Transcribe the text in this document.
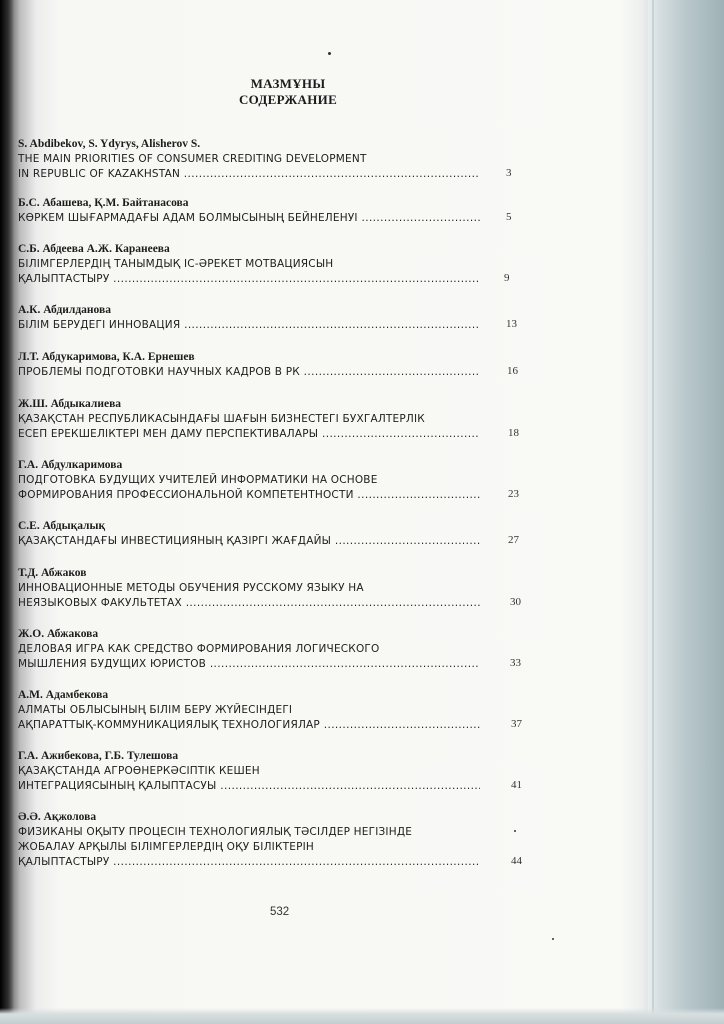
МАЗМҰНЫ
СОДЕРЖАНИЕ
S. Abdibekov, S. Ydyrys, Alisherov S.
THE MAIN PRIORITIES OF CONSUMER CREDITING DEVELOPMENT
IN REPUBLIC OF KAZAKHSTAN .....	3
Б.С. Абашева, Қ.М. Байтанасова
КӨРКЕМ ШЫҒАРМАДАҒЫ АДАМ БОЛМЫСЫНЫҢ БЕЙНЕЛЕНУІ .....	5
С.Б. Абдеева А.Ж. Каранеева
БІЛІМГЕРЛЕРДІҢ ТАНЫМДЫҚ ІС-ӘРЕКЕТ МОТВАЦИЯСЫН
ҚАЛЫПТАСТЫРУ .....	9
А.К. Абдилданова
БІЛІМ БЕРУДЕГІ ИННОВАЦИЯ .....	13
Л.Т. Абдукаримова, К.А. Ернешев
ПРОБЛЕМЫ ПОДГОТОВКИ НАУЧНЫХ КАДРОВ В РК .....	16
Ж.Ш. Абдыкалиева
ҚАЗАҚСТАН РЕСПУБЛИКАСЫНДАҒЫ ШАҒЫН БИЗНЕСТЕГІ БУХГАЛТЕРЛІК
ЕСЕП ЕРЕКШЕЛІКТЕРІ МЕН ДАМУ ПЕРСПЕКТИВАЛАРЫ .....	18
Г.А. Абдулкаримова
ПОДГОТОВКА БУДУЩИХ УЧИТЕЛЕЙ ИНФОРМАТИКИ НА ОСНОВЕ
ФОРМИРОВАНИЯ ПРОФЕССИОНАЛЬНОЙ КОМПЕТЕНТНОСТИ .....	23
С.Е. Абдықалық
ҚАЗАҚСТАНДАҒЫ ИНВЕСТИЦИЯНЫҢ ҚАЗІРГІ ЖАҒДАЙЫ .....	27
Т.Д. Абжаков
ИННОВАЦИОННЫЕ МЕТОДЫ ОБУЧЕНИЯ РУССКОМУ ЯЗЫКУ НА
НЕЯЗЫКОВЫХ ФАКУЛЬТЕТАХ .....	30
Ж.О. Абжакова
ДЕЛОВАЯ ИГРА КАК СРЕДСТВО ФОРМИРОВАНИЯ ЛОГИЧЕСКОГО
МЫШЛЕНИЯ БУДУЩИХ ЮРИСТОВ .....	33
А.М. Адамбекова
АЛМАТЫ ОБЛЫСЫНЫҢ БІЛІМ БЕРУ ЖҮЙЕСІНДЕГІ
АҚПАРАТТЫҚ-КОММУНИКАЦИЯЛЫҚ ТЕХНОЛОГИЯЛАР .....	37
Г.А. Ажибекова, Г.Б. Тулешова
ҚАЗАҚСТАНДА АГРОӨНЕРКӘСІПТІК КЕШЕН
ИНТЕГРАЦИЯСЫНЫҢ ҚАЛЫПТАСУЫ .....	41
Ә.Ә. Ақжолова
ФИЗИКАНЫ ОҚЫТУ ПРОЦЕСІН ТЕХНОЛОГИЯЛЫҚ ТӘСІЛДЕР НЕГІЗІНДЕ
ЖОБАЛАУ АРҚЫЛЫ БІЛІМГЕРЛЕРДІҢ ОҚУ БІЛІКТЕРІН
ҚАЛЫПТАСТЫРУ .....	44
532
